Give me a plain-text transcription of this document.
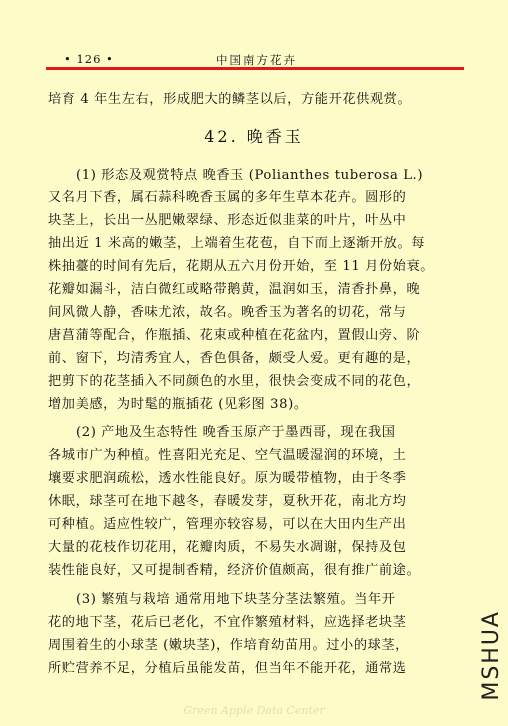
• 126 •	中国南方花卉
培育 4 年生左右，形成肥大的鳞茎以后，方能开花供观赏。
42. 晚香玉
(1) 形态及观赏特点 晚香玉 (Polianthes tuberosa L.)
又名月下香，属石蒜科晚香玉属的多年生草本花卉。圆形的
块茎上，长出一丛肥嫩翠绿、形态近似韭菜的叶片，叶丛中
抽出近 1 米高的嫩茎，上端着生花苞，自下而上逐渐开放。每
株抽薹的时间有先后，花期从五六月份开始，至 11 月份始衰。
花瓣如漏斗，洁白微红或略带鹅黄，温润如玉，清香扑鼻，晚
间风微人静，香味尤浓，故名。晚香玉为著名的切花，常与
唐菖蒲等配合，作瓶插、花束或种植在花盆内，置假山旁、阶
前、窗下，均清秀宜人，香色俱备，颇受人爱。更有趣的是，
把剪下的花茎插入不同颜色的水里，很快会变成不同的花色，
增加美感，为时髦的瓶插花 (见彩图 38)。
(2) 产地及生态特性 晚香玉原产于墨西哥，现在我国
各城市广为种植。性喜阳光充足、空气温暖湿润的环境，土
壤要求肥润疏松，透水性能良好。原为暖带植物，由于冬季
休眠，球茎可在地下越冬，春暖发芽，夏秋开花，南北方均
可种植。适应性较广，管理亦较容易，可以在大田内生产出
大量的花枝作切花用，花瓣肉质，不易失水凋谢，保持及包
装性能良好，又可提制香精，经济价值颇高，很有推广前途。
(3) 繁殖与栽培 通常用地下块茎分茎法繁殖。当年开
花的地下茎，花后已老化，不宜作繁殖材料，应选择老块茎
周围着生的小球茎 (嫩块茎)，作培育幼苗用。过小的球茎，
所贮营养不足，分植后虽能发苗，但当年不能开花，通常选
Green Apple Data Center
MSHUA
